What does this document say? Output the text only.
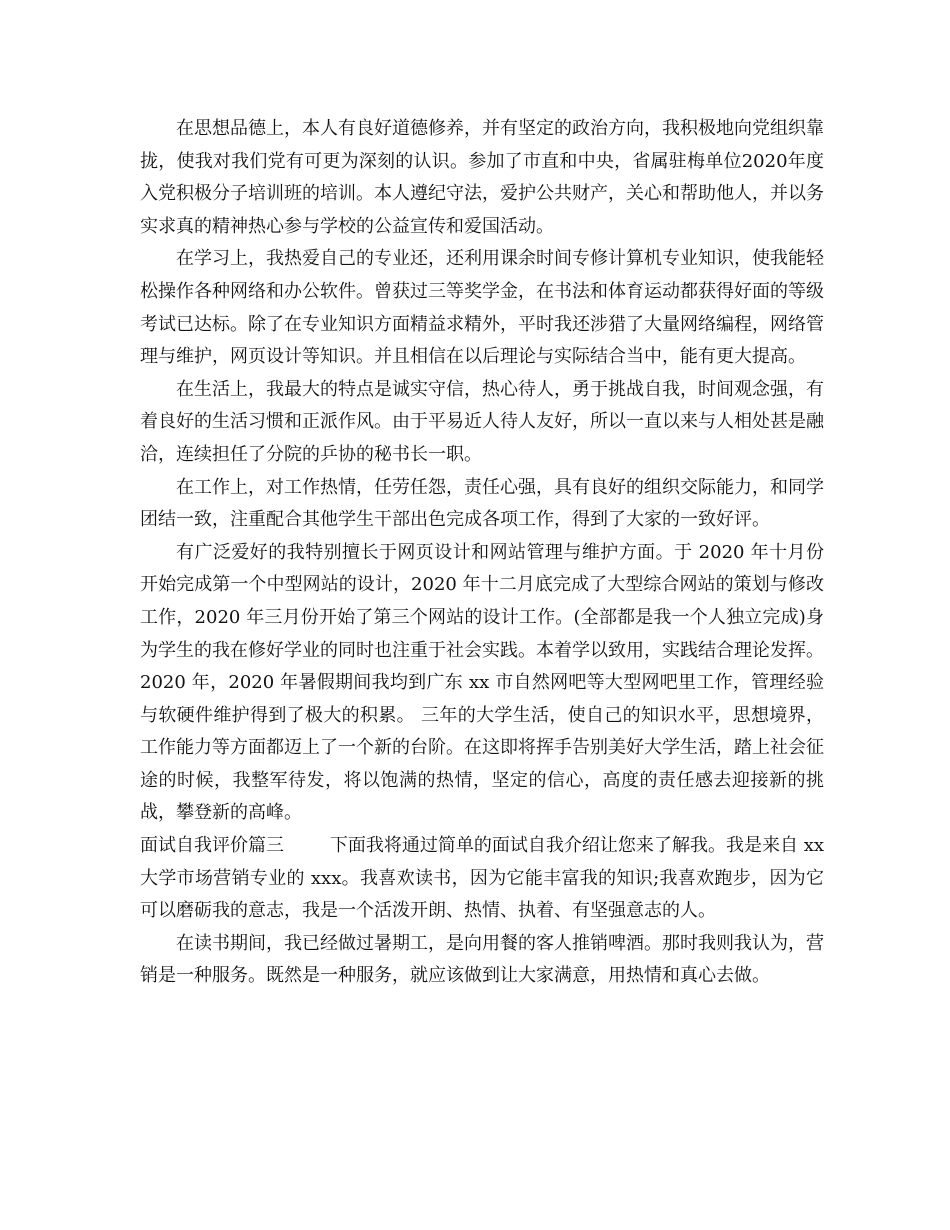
在思想品德上，本人有良好道德修养，并有坚定的政治方向，我积极地向党组织靠拢，使我对我们党有可更为深刻的认识。参加了市直和中央，省属驻梅单位2020年度入党积极分子培训班的培训。本人遵纪守法，爱护公共财产，关心和帮助他人，并以务实求真的精神热心参与学校的公益宣传和爱国活动。

在学习上，我热爱自己的专业还，还利用课余时间专修计算机专业知识，使我能轻松操作各种网络和办公软件。曾获过三等奖学金，在书法和体育运动都获得好面的等级考试已达标。除了在专业知识方面精益求精外，平时我还涉猎了大量网络编程，网络管理与维护，网页设计等知识。并且相信在以后理论与实际结合当中，能有更大提高。

在生活上，我最大的特点是诚实守信，热心待人，勇于挑战自我，时间观念强，有着良好的生活习惯和正派作风。由于平易近人待人友好，所以一直以来与人相处甚是融洽，连续担任了分院的乒协的秘书长一职。

在工作上，对工作热情，任劳任怨，责任心强，具有良好的组织交际能力，和同学团结一致，注重配合其他学生干部出色完成各项工作，得到了大家的一致好评。

有广泛爱好的我特别擅长于网页设计和网站管理与维护方面。于 2020 年十月份开始完成第一个中型网站的设计，2020 年十二月底完成了大型综合网站的策划与修改工作，2020 年三月份开始了第三个网站的设计工作。(全部都是我一个人独立完成)身为学生的我在修好学业的同时也注重于社会实践。本着学以致用，实践结合理论发挥。2020 年，2020 年暑假期间我均到广东 xx 市自然网吧等大型网吧里工作，管理经验与软硬件维护得到了极大的积累。 三年的大学生活，使自己的知识水平，思想境界，工作能力等方面都迈上了一个新的台阶。在这即将挥手告别美好大学生活，踏上社会征途的时候，我整军待发，将以饱满的热情，坚定的信心，高度的责任感去迎接新的挑战，攀登新的高峰。

面试自我评价篇三	下面我将通过简单的面试自我介绍让您来了解我。我是来自 xx 大学市场营销专业的 xxx。我喜欢读书，因为它能丰富我的知识;我喜欢跑步，因为它可以磨砺我的意志，我是一个活泼开朗、热情、执着、有坚强意志的人。

在读书期间，我已经做过暑期工，是向用餐的客人推销啤酒。那时我则我认为，营销是一种服务。既然是一种服务，就应该做到让大家满意，用热情和真心去做。
